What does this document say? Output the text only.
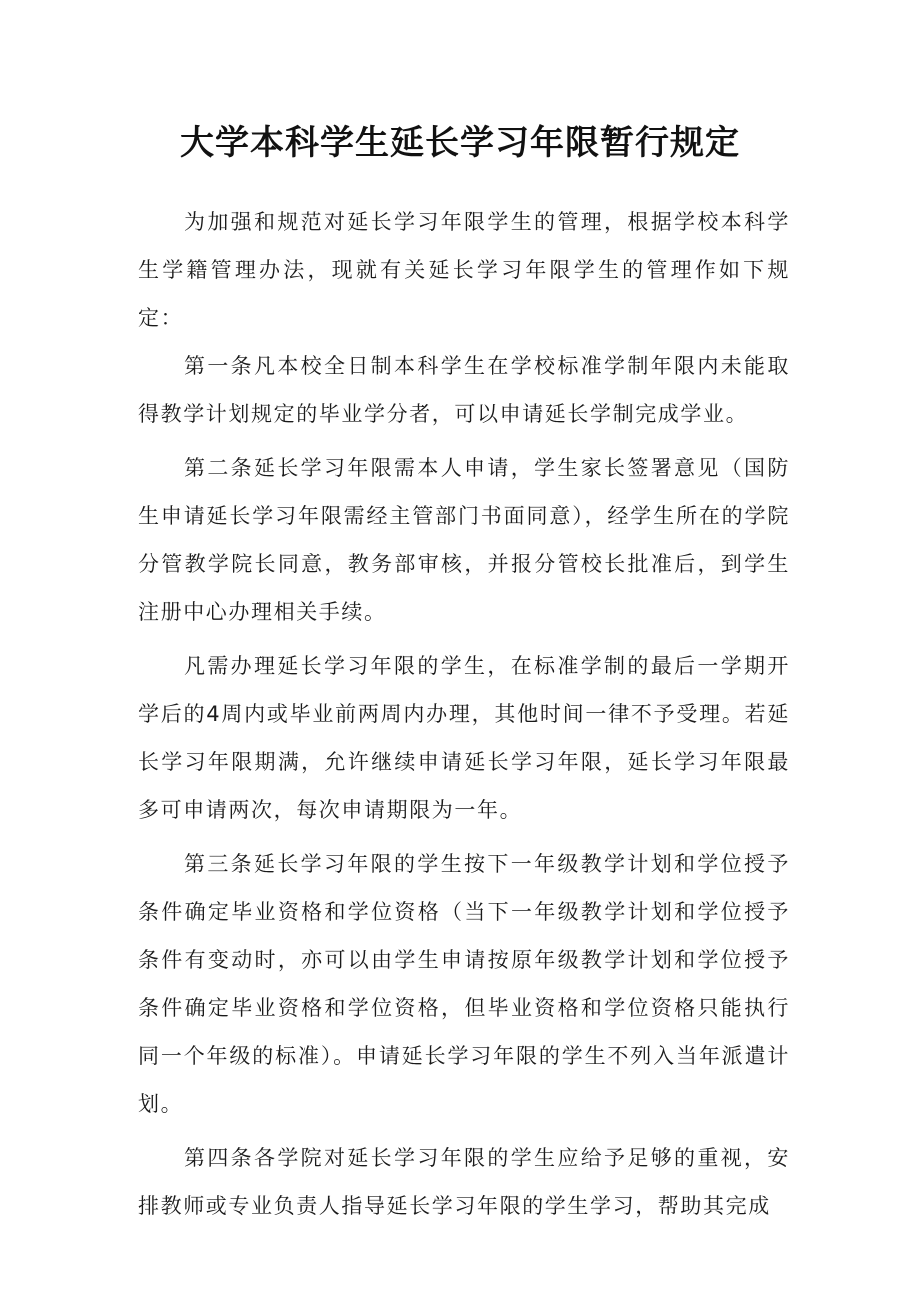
大学本科学生延长学习年限暂行规定

为加强和规范对延长学习年限学生的管理，根据学校本科学生学籍管理办法，现就有关延长学习年限学生的管理作如下规定：

第一条凡本校全日制本科学生在学校标准学制年限内未能取得教学计划规定的毕业学分者，可以申请延长学制完成学业。

第二条延长学习年限需本人申请，学生家长签署意见（国防生申请延长学习年限需经主管部门书面同意），经学生所在的学院分管教学院长同意，教务部审核，并报分管校长批准后，到学生注册中心办理相关手续。

凡需办理延长学习年限的学生，在标准学制的最后一学期开学后的4周内或毕业前两周内办理，其他时间一律不予受理。若延长学习年限期满，允许继续申请延长学习年限，延长学习年限最多可申请两次，每次申请期限为一年。

第三条延长学习年限的学生按下一年级教学计划和学位授予条件确定毕业资格和学位资格（当下一年级教学计划和学位授予条件有变动时，亦可以由学生申请按原年级教学计划和学位授予条件确定毕业资格和学位资格，但毕业资格和学位资格只能执行同一个年级的标准）。申请延长学习年限的学生不列入当年派遣计划。

第四条各学院对延长学习年限的学生应给予足够的重视，安排教师或专业负责人指导延长学习年限的学生学习，帮助其完成
